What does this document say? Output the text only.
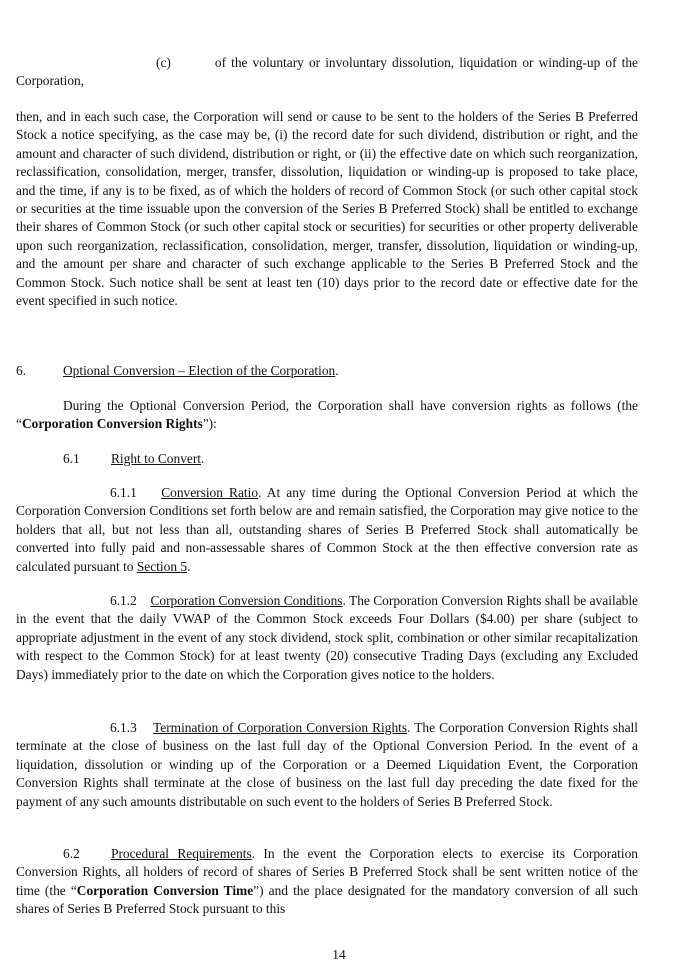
(c)	of the voluntary or involuntary dissolution, liquidation or winding-up of the Corporation,
then, and in each such case, the Corporation will send or cause to be sent to the holders of the Series B Preferred Stock a notice specifying, as the case may be, (i) the record date for such dividend, distribution or right, and the amount and character of such dividend, distribution or right, or (ii) the effective date on which such reorganization, reclassification, consolidation, merger, transfer, dissolution, liquidation or winding-up is proposed to take place, and the time, if any is to be fixed, as of which the holders of record of Common Stock (or such other capital stock or securities at the time issuable upon the conversion of the Series B Preferred Stock) shall be entitled to exchange their shares of Common Stock (or such other capital stock or securities) for securities or other property deliverable upon such reorganization, reclassification, consolidation, merger, transfer, dissolution, liquidation or winding-up, and the amount per share and character of such exchange applicable to the Series B Preferred Stock and the Common Stock. Such notice shall be sent at least ten (10) days prior to the record date or effective date for the event specified in such notice.
6.	Optional Conversion – Election of the Corporation.
During the Optional Conversion Period, the Corporation shall have conversion rights as follows (the “Corporation Conversion Rights”):
6.1 Right to Convert.
6.1.1 Conversion Ratio. At any time during the Optional Conversion Period at which the Corporation Conversion Conditions set forth below are and remain satisfied, the Corporation may give notice to the holders that all, but not less than all, outstanding shares of Series B Preferred Stock shall automatically be converted into fully paid and non-assessable shares of Common Stock at the then effective conversion rate as calculated pursuant to Section 5.
6.1.2 Corporation Conversion Conditions. The Corporation Conversion Rights shall be available in the event that the daily VWAP of the Common Stock exceeds Four Dollars ($4.00) per share (subject to appropriate adjustment in the event of any stock dividend, stock split, combination or other similar recapitalization with respect to the Common Stock) for at least twenty (20) consecutive Trading Days (excluding any Excluded Days) immediately prior to the date on which the Corporation gives notice to the holders.
6.1.3 Termination of Corporation Conversion Rights. The Corporation Conversion Rights shall terminate at the close of business on the last full day of the Optional Conversion Period. In the event of a liquidation, dissolution or winding up of the Corporation or a Deemed Liquidation Event, the Corporation Conversion Rights shall terminate at the close of business on the last full day preceding the date fixed for the payment of any such amounts distributable on such event to the holders of Series B Preferred Stock.
6.2 Procedural Requirements. In the event the Corporation elects to exercise its Corporation Conversion Rights, all holders of record of shares of Series B Preferred Stock shall be sent written notice of the time (the “Corporation Conversion Time”) and the place designated for the mandatory conversion of all such shares of Series B Preferred Stock pursuant to this
14
